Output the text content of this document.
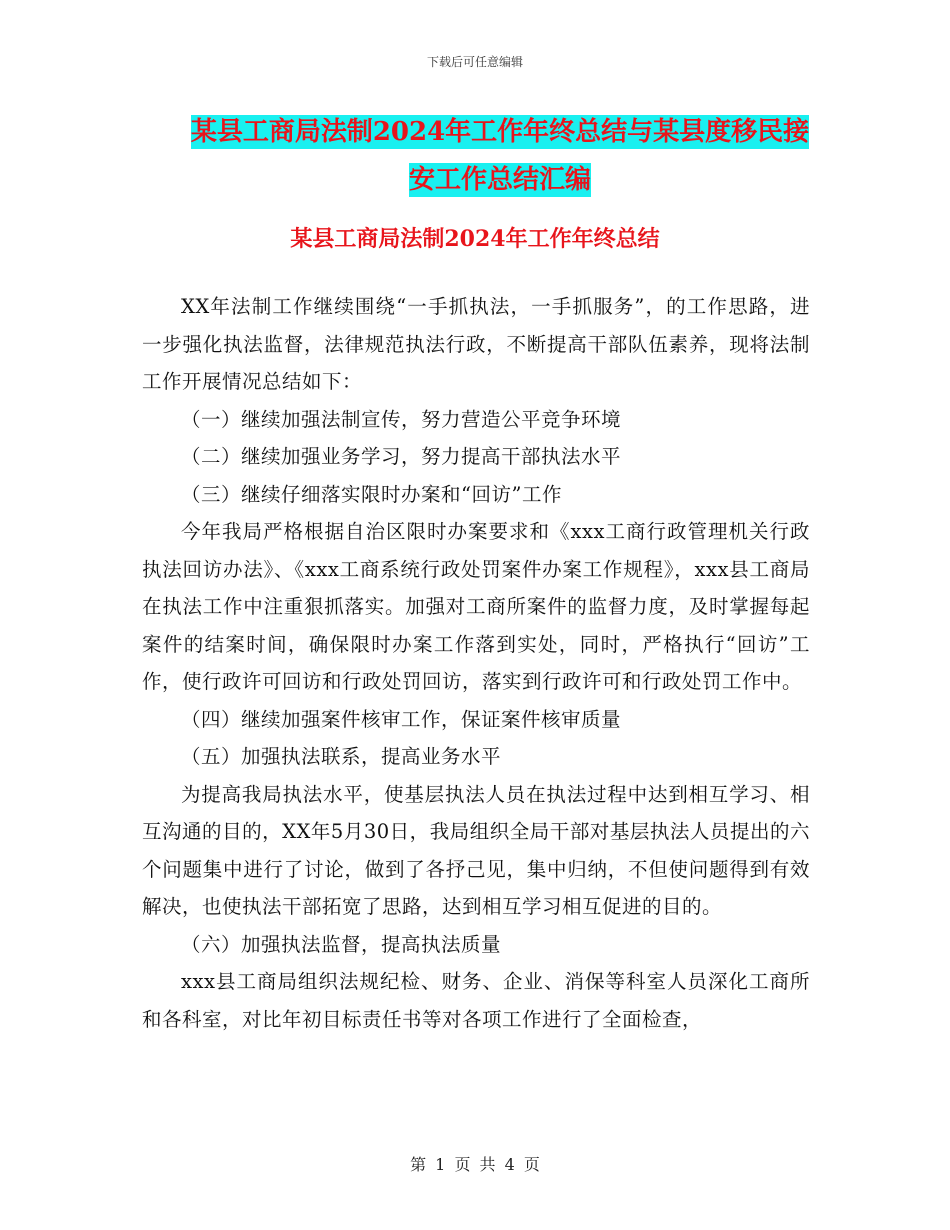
下载后可任意编辑
某县工商局法制2024年工作年终总结与某县度移民接
安工作总结汇编
某县工商局法制2024年工作年终总结

XX年法制工作继续围绕“一手抓执法，一手抓服务”，的工作思路，进一步强化执法监督，法律规范执法行政，不断提高干部队伍素养，现将法制工作开展情况总结如下：

（一）继续加强法制宣传，努力营造公平竞争环境

（二）继续加强业务学习，努力提高干部执法水平

（三）继续仔细落实限时办案和“回访”工作

今年我局严格根据自治区限时办案要求和《xxx工商行政管理机关行政执法回访办法》、《xxx工商系统行政处罚案件办案工作规程》，xxx县工商局在执法工作中注重狠抓落实。加强对工商所案件的监督力度，及时掌握每起案件的结案时间，确保限时办案工作落到实处，同时，严格执行“回访”工作，使行政许可回访和行政处罚回访，落实到行政许可和行政处罚工作中。

（四）继续加强案件核审工作，保证案件核审质量

（五）加强执法联系，提高业务水平

为提高我局执法水平，使基层执法人员在执法过程中达到相互学习、相互沟通的目的，XX年5月30日，我局组织全局干部对基层执法人员提出的六个问题集中进行了讨论，做到了各抒己见，集中归纳，不但使问题得到有效解决，也使执法干部拓宽了思路，达到相互学习相互促进的目的。

（六）加强执法监督，提高执法质量

xxx县工商局组织法规纪检、财务、企业、消保等科室人员深化工商所和各科室，对比年初目标责任书等对各项工作进行了全面检查，

第 1 页 共 4 页
